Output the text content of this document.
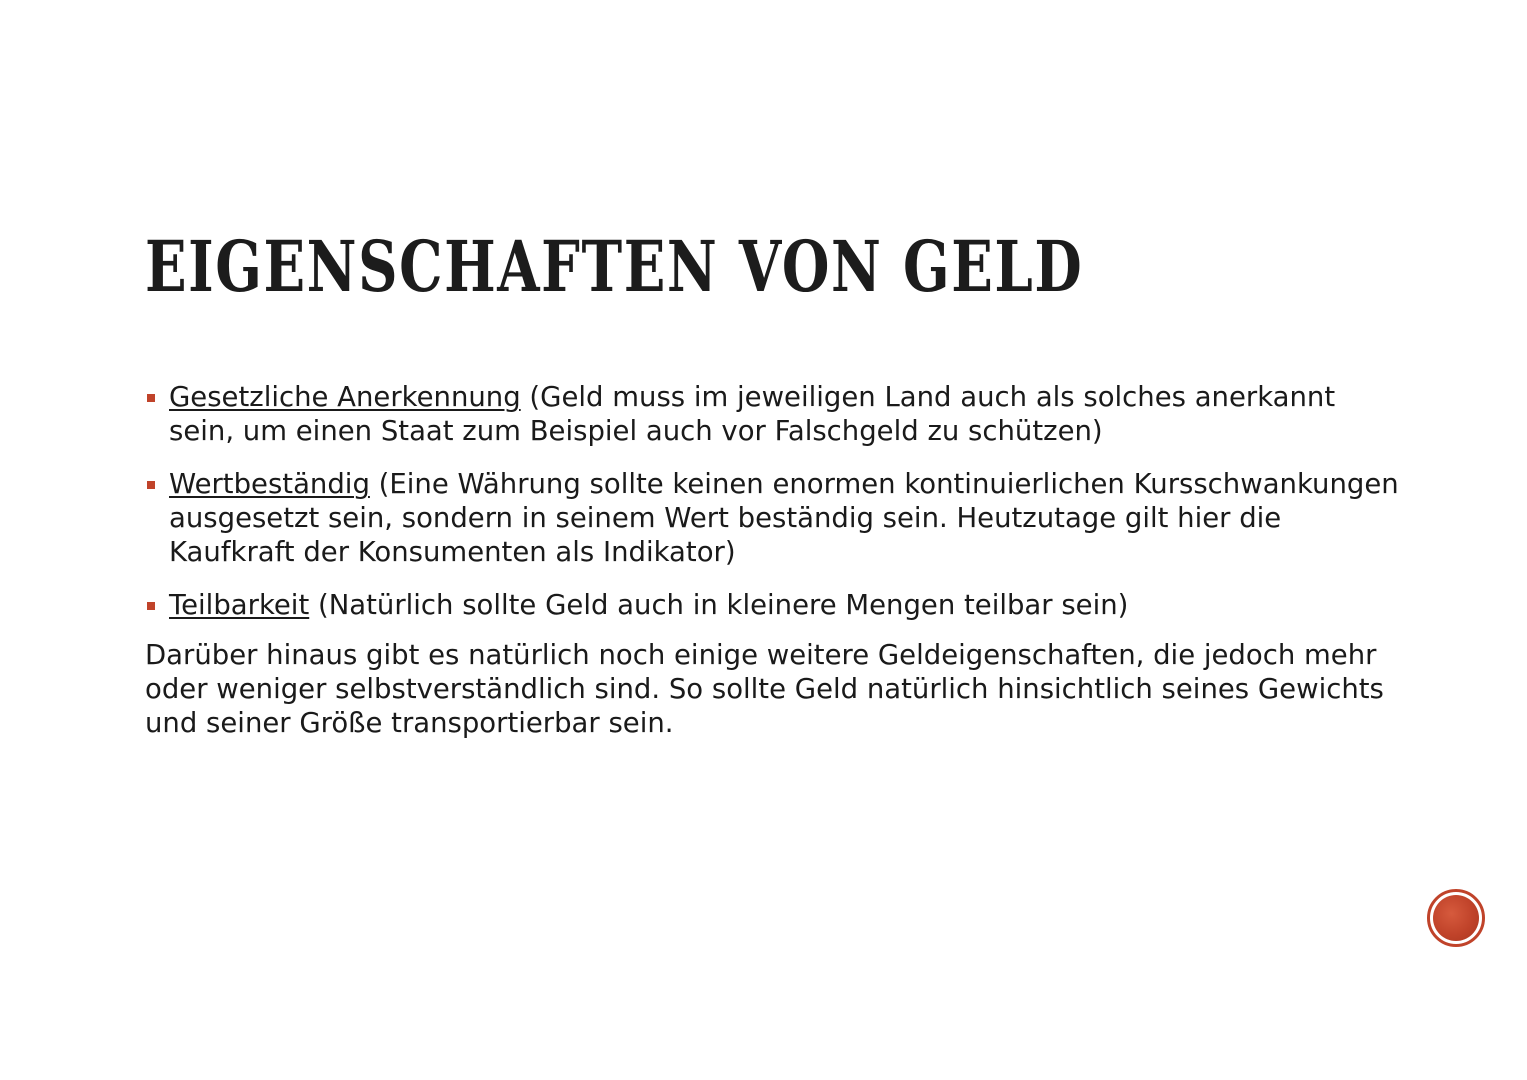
EIGENSCHAFTEN VON GELD
Gesetzliche Anerkennung (Geld muss im jeweiligen Land auch als solches anerkannt sein, um einen Staat zum Beispiel auch vor Falschgeld zu schützen)
Wertbeständig (Eine Währung sollte keinen enormen kontinuierlichen Kursschwankungen ausgesetzt sein, sondern in seinem Wert beständig sein. Heutzutage gilt hier die Kaufkraft der Konsumenten als Indikator)
Teilbarkeit (Natürlich sollte Geld auch in kleinere Mengen teilbar sein)

Darüber hinaus gibt es natürlich noch einige weitere Geldeigenschaften, die jedoch mehr oder weniger selbstverständlich sind. So sollte Geld natürlich hinsichtlich seines Gewichts und seiner Größe transportierbar sein.
